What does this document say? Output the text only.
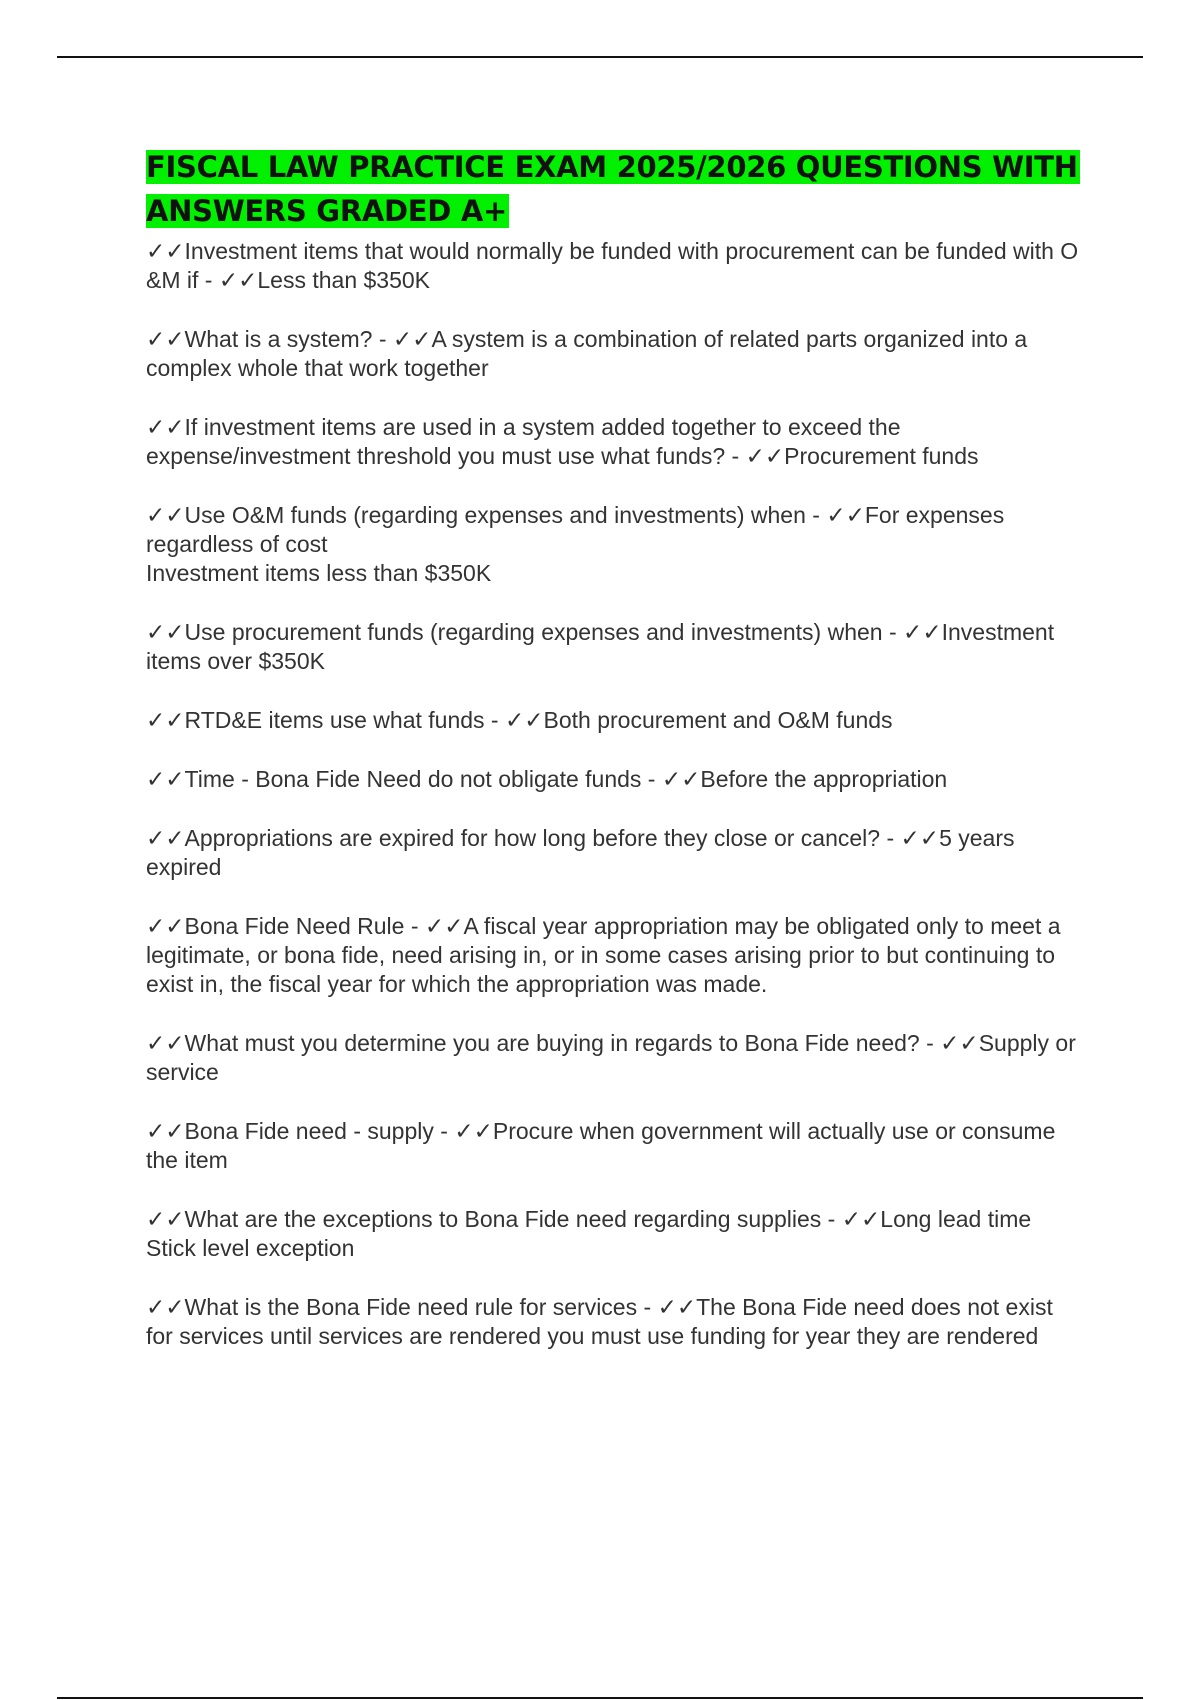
FISCAL LAW PRACTICE EXAM 2025/2026 QUESTIONS WITH ANSWERS GRADED A+

✓✓Investment items that would normally be funded with procurement can be funded with O &M if - ✓✓Less than $350K

✓✓What is a system? - ✓✓A system is a combination of related parts organized into a complex whole that work together

✓✓If investment items are used in a system added together to exceed the expense/investment threshold you must use what funds? - ✓✓Procurement funds

✓✓Use O&M funds (regarding expenses and investments) when - ✓✓For expenses regardless of cost
Investment items less than $350K

✓✓Use procurement funds (regarding expenses and investments) when - ✓✓Investment items over $350K

✓✓RTD&E items use what funds - ✓✓Both procurement and O&M funds

✓✓Time - Bona Fide Need do not obligate funds - ✓✓Before the appropriation

✓✓Appropriations are expired for how long before they close or cancel? - ✓✓5 years expired

✓✓Bona Fide Need Rule - ✓✓A fiscal year appropriation may be obligated only to meet a legitimate, or bona fide, need arising in, or in some cases arising prior to but continuing to exist in, the fiscal year for which the appropriation was made.

✓✓What must you determine you are buying in regards to Bona Fide need? - ✓✓Supply or service

✓✓Bona Fide need - supply - ✓✓Procure when government will actually use or consume the item

✓✓What are the exceptions to Bona Fide need regarding supplies - ✓✓Long lead time
Stick level exception

✓✓What is the Bona Fide need rule for services - ✓✓The Bona Fide need does not exist for services until services are rendered you must use funding for year they are rendered
